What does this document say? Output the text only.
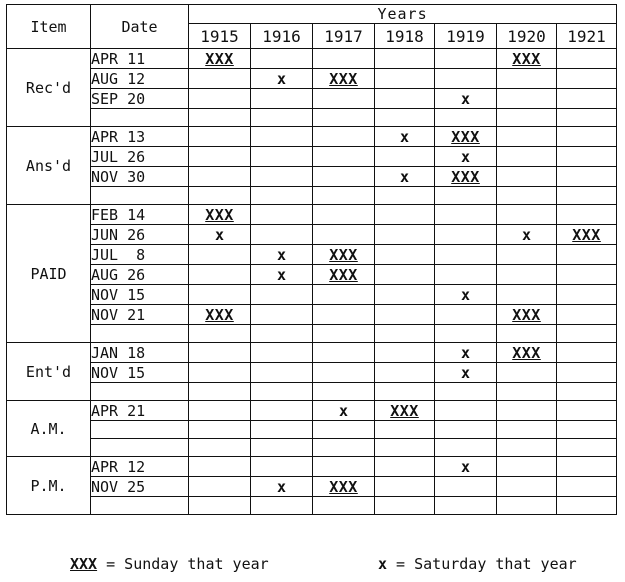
Item	Date	Years						
		1915	1916	1917	1918	1919	1920	1921
Rec'd	APR 11	XXX					XXX	
	AUG 12		x	XXX				
	SEP 20					x		

Ans'd	APR 13				x	XXX		
	JUL 26					x		
	NOV 30				x	XXX		

PAID	FEB 14	XXX						
	JUN 26	x					x	XXX
	JUL  8		x	XXX				
	AUG 26		x	XXX				
	NOV 15					x		
	NOV 21	XXX					XXX	

Ent'd	JAN 18					x	XXX	
	NOV 15					x		

A.M.	APR 21			x	XXX			

P.M.	APR 12					x		
	NOV 25		x	XXX				

XXX = Sunday that year	x = Saturday that year
